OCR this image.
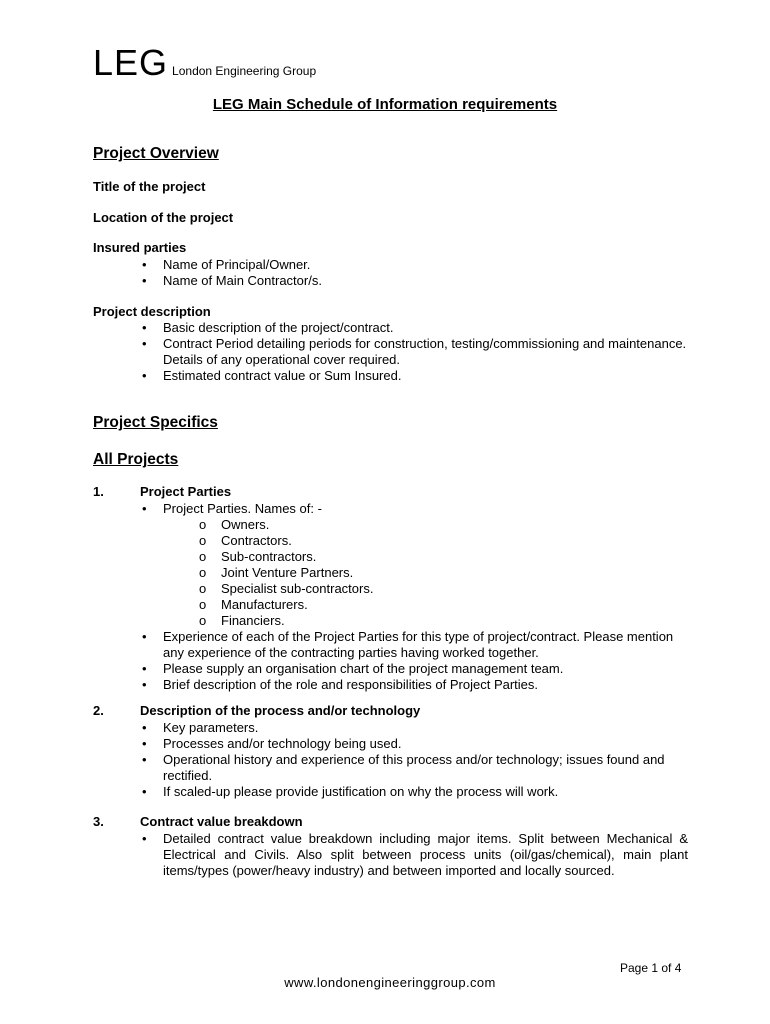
LEG London Engineering Group
LEG Main Schedule of Information requirements
Project Overview
Title of the project
Location of the project
Insured parties
• Name of Principal/Owner.
• Name of Main Contractor/s.
Project description
• Basic description of the project/contract.
• Contract Period detailing periods for construction, testing/commissioning and maintenance. Details of any operational cover required.
• Estimated contract value or Sum Insured.
Project Specifics
All Projects
1.	Project Parties
• Project Parties. Names of: -
o Owners.
o Contractors.
o Sub-contractors.
o Joint Venture Partners.
o Specialist sub-contractors.
o Manufacturers.
o Financiers.
• Experience of each of the Project Parties for this type of project/contract. Please mention any experience of the contracting parties having worked together.
• Please supply an organisation chart of the project management team.
• Brief description of the role and responsibilities of Project Parties.
2.	Description of the process and/or technology
• Key parameters.
• Processes and/or technology being used.
• Operational history and experience of this process and/or technology; issues found and rectified.
• If scaled-up please provide justification on why the process will work.
3.	Contract value breakdown
• Detailed contract value breakdown including major items. Split between Mechanical & Electrical and Civils. Also split between process units (oil/gas/chemical), main plant items/types (power/heavy industry) and between imported and locally sourced.
Page 1 of 4
www.londonengineeringgroup.com
